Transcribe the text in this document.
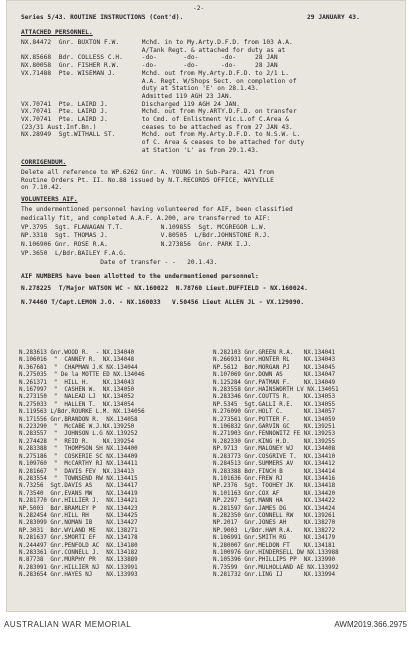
-2-
Series 5/43. ROUTINE INSTRUCTIONS (Cont'd).	29 JANUARY 43.
ATTACHED PERSONNEL.
NX.84472  Gnr. BUXTON F.W.      Mchd. in to My.Arty.D.F.D. from 103 A.A.
A/Tank Regt. & attached for duty as at
NX.85668  Bdr. COLLESS C.H.     -do-       -do-      -do-     28 JAN
NX.80058  Gnr. FISHER R.W.      -do-       -do-      -do-     28 JAN
VX.71488  Pte. WISEMAN J.       Mchd. out from My.Arty.D.F.D. to 2/1 L.
A.A. Regt. W/Shops Sect. on completion of
duty at Station 'E' on 28.1.43.
Admitted 119 AGH 23 JAN.
VX.70741  Pte. LAIRD J.         Discharged 119 AGH 24 JAN.
VX.70741  Pte. LAIRD J.         Mchd. out from My.ARTY.D.F.D. on transfer
VX.70741  Pte. LAIRD J.         to Cmd. of Enlistment Vic.L.of C.Area &
(23/31 Aust.Inf.Bn.)            ceases to be attached as from 27 JAN 43.
NX.28949  Sgt.WITHALL ST.       Mchd. out from My.Arty.D.F.D. to N.S.W. L.
of C. Area & ceases to be attached for duty
at Station 'L' as from 29.1.43.
CORRIGENDUM.
Delete all reference to WP.6262 Gnr. A. YOUNG in Sub-Para. 421 from
Routine Orders Pt. II. No.88 issued by N.T.RECORDS OFFICE, WAYVILLE
on 7.10.42.
VOLUNTEERS AIF.
The undermentioned personnel having volunteered for AIF, been classified
medically fit, and completed A.A.F. A.200, are transferred to AIF:
VP.3795  Sgt. FLANAGAN T.T.          N.109855  Sgt. MCGREGOR L.W.
NP.3318  Sgt. THOMAS J.              V.80505  L/Bdr.JOHNSTONE R.J.
N.106906 Gnr. ROSE R.A.              N.273856  Gnr. PARK I.J.
VP.3650  L/Bdr.BAILEY F.A.G.
Date of transfer - -   20.1.43.
AIF NUMBERS have been allotted to the undermentioned personnel:
N.278225  T/Major WATSON WC - NX.160022  N.78760 Lieut.DUFFIELD - NX.160024.
N.74460 T/Capt.LEMON J.O. - NX.160033   V.50456 Lieut ALLEN JL - VX.129090.
N.283613 Gnr.WOOD R.  - NX.134040
N.106016  "  CANNEY R.  NX.134048
N.367681  "  CHAPMAN J.K NX.134044
N.275035  " De la MOTTE ED NX.134046
N.261371  "  HILL H.    NX.134043
N.167997  "  CASHEN W.  NX.134050
N.273150  "  NALEAD LJ  NX.134052
N.275033  "  HALLEN T.  NX.134054
N.119563 L/Bdr.ROURKE L.M. NX.134056
N.171556 Gnr.BRANDON R.  NX.134058
N.223290  "  McCABE W.J.NX.139250
N.283557  "  JOHNSON L.G NX.139252
N.274428  "  REID R.    NX.139254
N.283388  "  THOMPSON SH NX.134400
N.275186  "  COSKERIE SC NX.134409
N.109760  "  McCARTHY RJ NX.134411
N.281667  "  DAVIS FEV  NX.134413
N.283554  "  TOWNSEND RW NX.134415
N.73256  Sgt.DAVIS AS    NX.134417
N.73540  Gnr.EVANS MW    NX.134419
N.281770 Gnr.HILLIER J.  NX.134421
NP.5003  Bdr.BRAMLEY P   NX.134423
N.282454 Gnr.HILL RH     NX.134425
N.283099 Gnr.NOMAN IB    NX.134427
NP.3031  Bdr.WYLAND ME   NX.138271
N.281637 Gnr.SMORTI EF   NX.134178
N.244497 Gnr.PENFOLD AC  NX.134180
N.283361 Gnr.CONNELL J.  NX.134182
N.87738  Gnr.MURPHY PR   NX.133889
N.283091 Gnr.HILLIER NJ  NX.133991
N.283654 Gnr.HAYES NJ    NX.133993
N.282103 Gnr.GREEN R.A.   NX.134041
N.266931 Gnr.HONTER RL    NX.134043
NP.5612  Bdr.MORGAN PJ    NX.134045
N.107069 Gnr.DOWN AS      NX.134047
N.125284 Gnr.PATMAN F.    NX.134049
N.283558 Gnr.HAINSWORTH LV NX.134051
N.283346 Gnr.COUTTS R.    NX.134053
NP.5345  Sgt.GALLI R.E.   NX.134055
N.276090 Gnr.HOLT C.      NX.134057
N.273561 Gnr.POTTER F.    NX.134059
N.106832 Gnr.GARVIN GC    NX.139251
N.271903 Gnr.FENNOWITZ FE NX.139253
N.282330 Gnr.KING H.D.    NX.139255
NP.9713  Gnr.MALONEY WJ   NX.134408
N.283773 Gnr.COSGRIVE T.  NX.134410
N.284513 Gnr.SUMMERS AV   NX.134412
N.283388 Bdr.FINCH B      NX.134414
N.101636 Gnr.FREW RJ      NX.134416
NP.2376  Sgt. TOOHEY JK   NX.134418
N.101163 Gnr.COX AF       NX.134420
NP.2297  Sgt.MANN HA      NX.134422
N.281597 Gnr.JAMES DG     NX.134424
N.282350 Gnr.CONNELL RW   NX.139261
NP.2017  Gnr.JONES AH     NX.138270
NP.9003  L/Bdr.HAM R.A.   NX.138272
N.106991 Gnr.SMITH RG     NX.134179
N.280007 Gnr.MELDON FT    NX.134181
N.100976 Gnr.HINDERSELL DW NX.133988
N.105396 Gnr.PHILLIPS PP  NX.133990
N.73599  Gnr.MULHOLLAND AE NX.133992
N.281732 Gnr.LING IJ      NX.133994
AUSTRALIAN WAR MEMORIAL	AWM2019.366.2975
